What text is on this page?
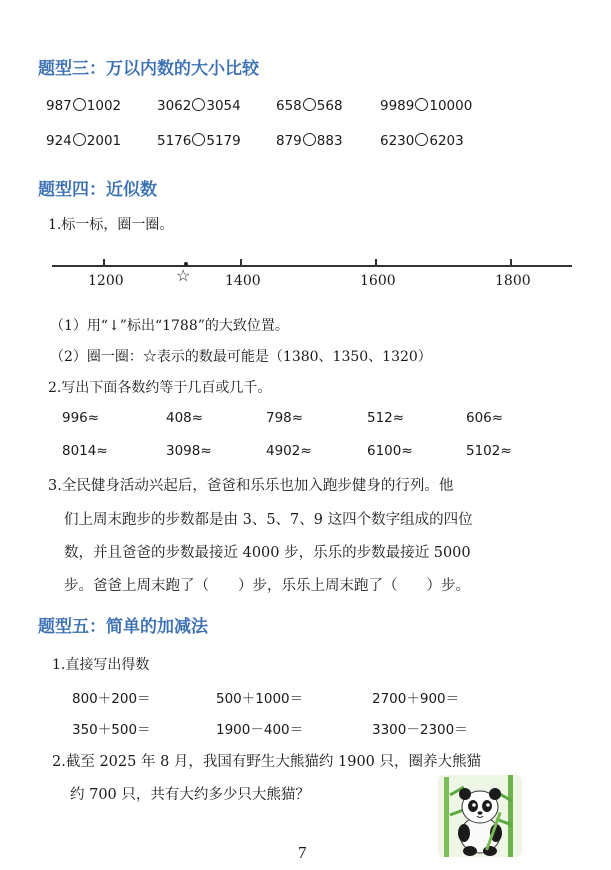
题型三：万以内数的大小比较
987 1002	3062 3054	658 568	9989 10000
924 2001	5176 5179	879 883	6230 6203
题型四：近似数
1.标一标，圈一圈。
☆
1200	1400	1600	1800
（1）用“↓”标出“1788”的大致位置。
（2）圈一圈：☆表示的数最可能是（1380、1350、1320）
2.写出下面各数约等于几百或几千。
996≈	408≈	798≈	512≈	606≈
8014≈	3098≈	4902≈	6100≈	5102≈
3.全民健身活动兴起后，爸爸和乐乐也加入跑步健身的行列。他
们上周末跑步的步数都是由 3、5、7、9 这四个数字组成的四位
数，并且爸爸的步数最接近 4000 步，乐乐的步数最接近 5000
步。爸爸上周末跑了（　　）步，乐乐上周末跑了（　　）步。
题型五：简单的加减法
1.直接写出得数
800＋200＝	500＋1000＝	2700＋900＝
350＋500＝	1900－400＝	3300－2300＝
2.截至 2025 年 8 月，我国有野生大熊猫约 1900 只，圈养大熊猫
约 700 只，共有大约多少只大熊猫？
7
